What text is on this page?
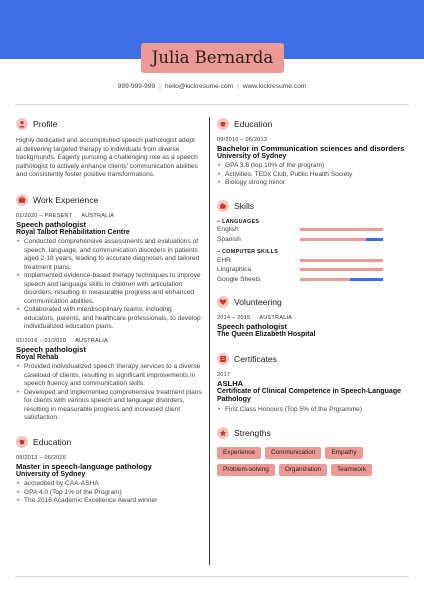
Julia Bernarda
999-999-999 | hello@kickresume.com | www.kickresume.com
Profile
Highly dedicated and accomplished speech pathologist adept at delivering targeted therapy to individuals from diverse backgrounds. Eagerly pursuing a challenging role as a speech pathologist to actively enhance clients' communication abilities and consistently foster positive transformations.
Work Experience
01/2020 – PRESENT AUSTRALIA
Speech pathologist
Royal Talbot Rehabilitation Centre
• Conducted comprehensive assessments and evaluations of speech, language, and communication disorders in patients aged 2-18 years, leading to accurate diagnoses and tailored treatment plans.
• Implemented evidence-based therapy techniques to improve speech and language skills in children with articulation disorders, resulting in measurable progress and enhanced communication abilities.
• Collaborated with interdisciplinary teams, including educators, parents, and healthcare professionals, to develop individualized education plans.
01/2016 – 01/2020 AUSTRALIA
Speech pathologist
Royal Rehab
• Provided individualized speech therapy services to a diverse caseload of clients, resulting in significant improvements in speech fluency and communication skills.
• Developed and implemented comprehensive treatment plans for clients with various speech and language disorders, resulting in measurable progress and increased client satisfaction.
Education
09/2013 – 06/2016
Master in speech-language pathology
University of Sydney
• accredited by CAA-ASHA
• GPA 4.0 (Top 1% of the Program)
• The 2016 Academic Excellence Award winner
Education
09/2010 – 06/2013
Bachelor in Communication sciences and disorders
University of Sydney
• GPA 3.8 (top 10% of the program)
• Activities: TEDx Club, Public Health Society
• Biology strong minor
Skills
– LANGUAGES
English
Spanish
– COMPUTER SKILLS
EHR
Lingraphica
Google Sheets
Volunteering
2014 – 2015 AUSTRALIA
Speech pathologist
The Queen Elizabeth Hospital
Certificates
2017
ASLHA
Certificate of Clinical Competence in Speech-Language Pathology
• First Class Honours (Top 5% of the Prgramme)
Strengths
Experience	Communication	Empathy
Problem-solving	Organization	Teamwork
